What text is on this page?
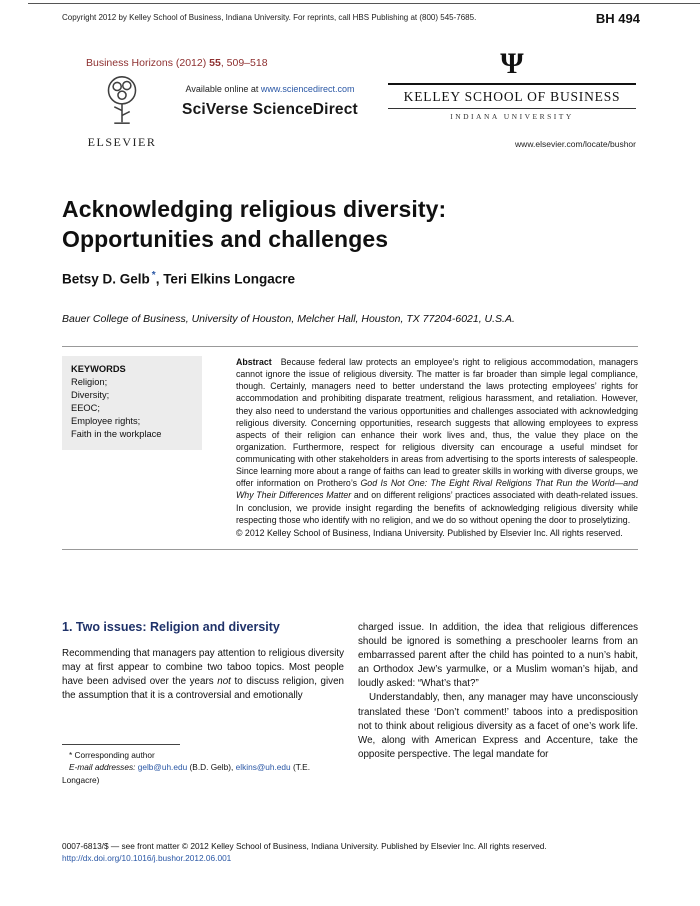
Copyright 2012 by Kelley School of Business, Indiana University. For reprints, call HBS Publishing at (800) 545-7685.	BH 494
Business Horizons (2012) 55, 509–518
ELSEVIER
Available online at www.sciencedirect.com
SciVerse ScienceDirect
Ψ
KELLEY SCHOOL OF BUSINESS
INDIANA UNIVERSITY
www.elsevier.com/locate/bushor
Acknowledging religious diversity:
Opportunities and challenges
Betsy D. Gelb *, Teri Elkins Longacre
Bauer College of Business, University of Houston, Melcher Hall, Houston, TX 77204-6021, U.S.A.
KEYWORDS
Religion;
Diversity;
EEOC;
Employee rights;
Faith in the workplace

Abstract Because federal law protects an employee’s right to religious accommodation, managers cannot ignore the issue of religious diversity. The matter is far broader than simple legal compliance, though. Certainly, managers need to better understand the laws protecting employees’ rights for accommodation and prohibiting disparate treatment, religious harassment, and retaliation. However, they also need to understand the various opportunities and challenges associated with acknowledging religious diversity. Concerning opportunities, research suggests that allowing employees to express aspects of their religion can enhance their work lives and, thus, the value they place on the organization. Furthermore, respect for religious diversity can encourage a useful mindset for communicating with other stakeholders in areas from advertising to the sports interests of salespeople. Since learning more about a range of faiths can lead to greater skills in working with diverse groups, we offer information on Prothero’s God Is Not One: The Eight Rival Religions That Run the World—and Why Their Differences Matter and on different religions’ practices associated with death-related issues. In conclusion, we provide insight regarding the benefits of acknowledging religious diversity while respecting those who identify with no religion, and we do so without opening the door to proselytizing.

© 2012 Kelley School of Business, Indiana University. Published by Elsevier Inc. All rights reserved.

1. Two issues: Religion and diversity

Recommending that managers pay attention to religious diversity may at first appear to combine two taboo topics. Most people have been advised over the years not to discuss religion, given the assumption that it is a controversial and emotionally

charged issue. In addition, the idea that religious differences should be ignored is something a preschooler learns from an embarrassed parent after the child has pointed to a nun’s habit, an Orthodox Jew’s yarmulke, or a Muslim woman’s hijab, and loudly asked: “What’s that?”

Understandably, then, any manager may have unconsciously translated these ‘Don’t comment!’ taboos into a predisposition not to think about religious diversity as a facet of one’s work life. We, along with American Express and Accenture, take the opposite perspective. The legal mandate for

* Corresponding author
E-mail addresses: gelb@uh.edu (B.D. Gelb), elkins@uh.edu (T.E. Longacre)
0007-6813/$ — see front matter © 2012 Kelley School of Business, Indiana University. Published by Elsevier Inc. All rights reserved.
http://dx.doi.org/10.1016/j.bushor.2012.06.001
